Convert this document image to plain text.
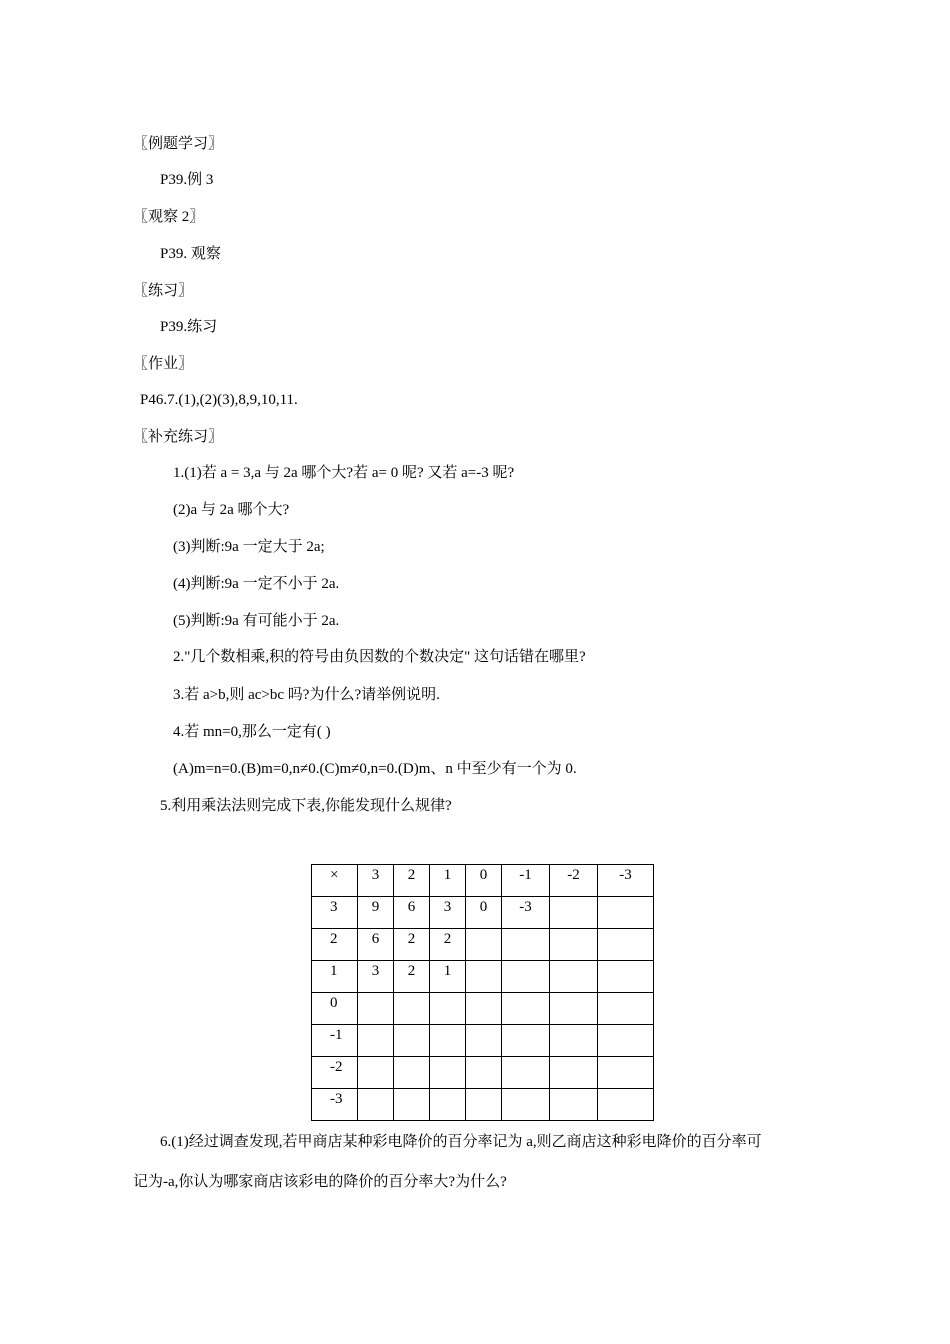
〖例题学习〗
P39.例 3
〖观察 2〗
P39. 观察
〖练习〗
P39.练习
〖作业〗
P46.7.(1),(2)(3),8,9,10,11.
〖补充练习〗
1.(1)若 a = 3,a 与 2a 哪个大?若 a= 0 呢? 又若 a=-3 呢?
(2)a 与 2a 哪个大?
(3)判断:9a 一定大于 2a;
(4)判断:9a 一定不小于 2a.
(5)判断:9a 有可能小于 2a.
2."几个数相乘,积的符号由负因数的个数决定" 这句话错在哪里?
3.若 a>b,则 ac>bc 吗?为什么?请举例说明.
4.若 mn=0,那么一定有( )
(A)m=n=0.(B)m=0,n≠0.(C)m≠0,n=0.(D)m、n 中至少有一个为 0.
5.利用乘法法则完成下表,你能发现什么规律?
×	3	2	1	0	-1	-2	-3
3	9	6	3	0	-3		
2	6	2	2				
1	3	2	1				
0							
-1							
-2							
-3							
6.(1)经过调查发现,若甲商店某种彩电降价的百分率记为 a,则乙商店这种彩电降价的百分率可
记为-a,你认为哪家商店该彩电的降价的百分率大?为什么?
